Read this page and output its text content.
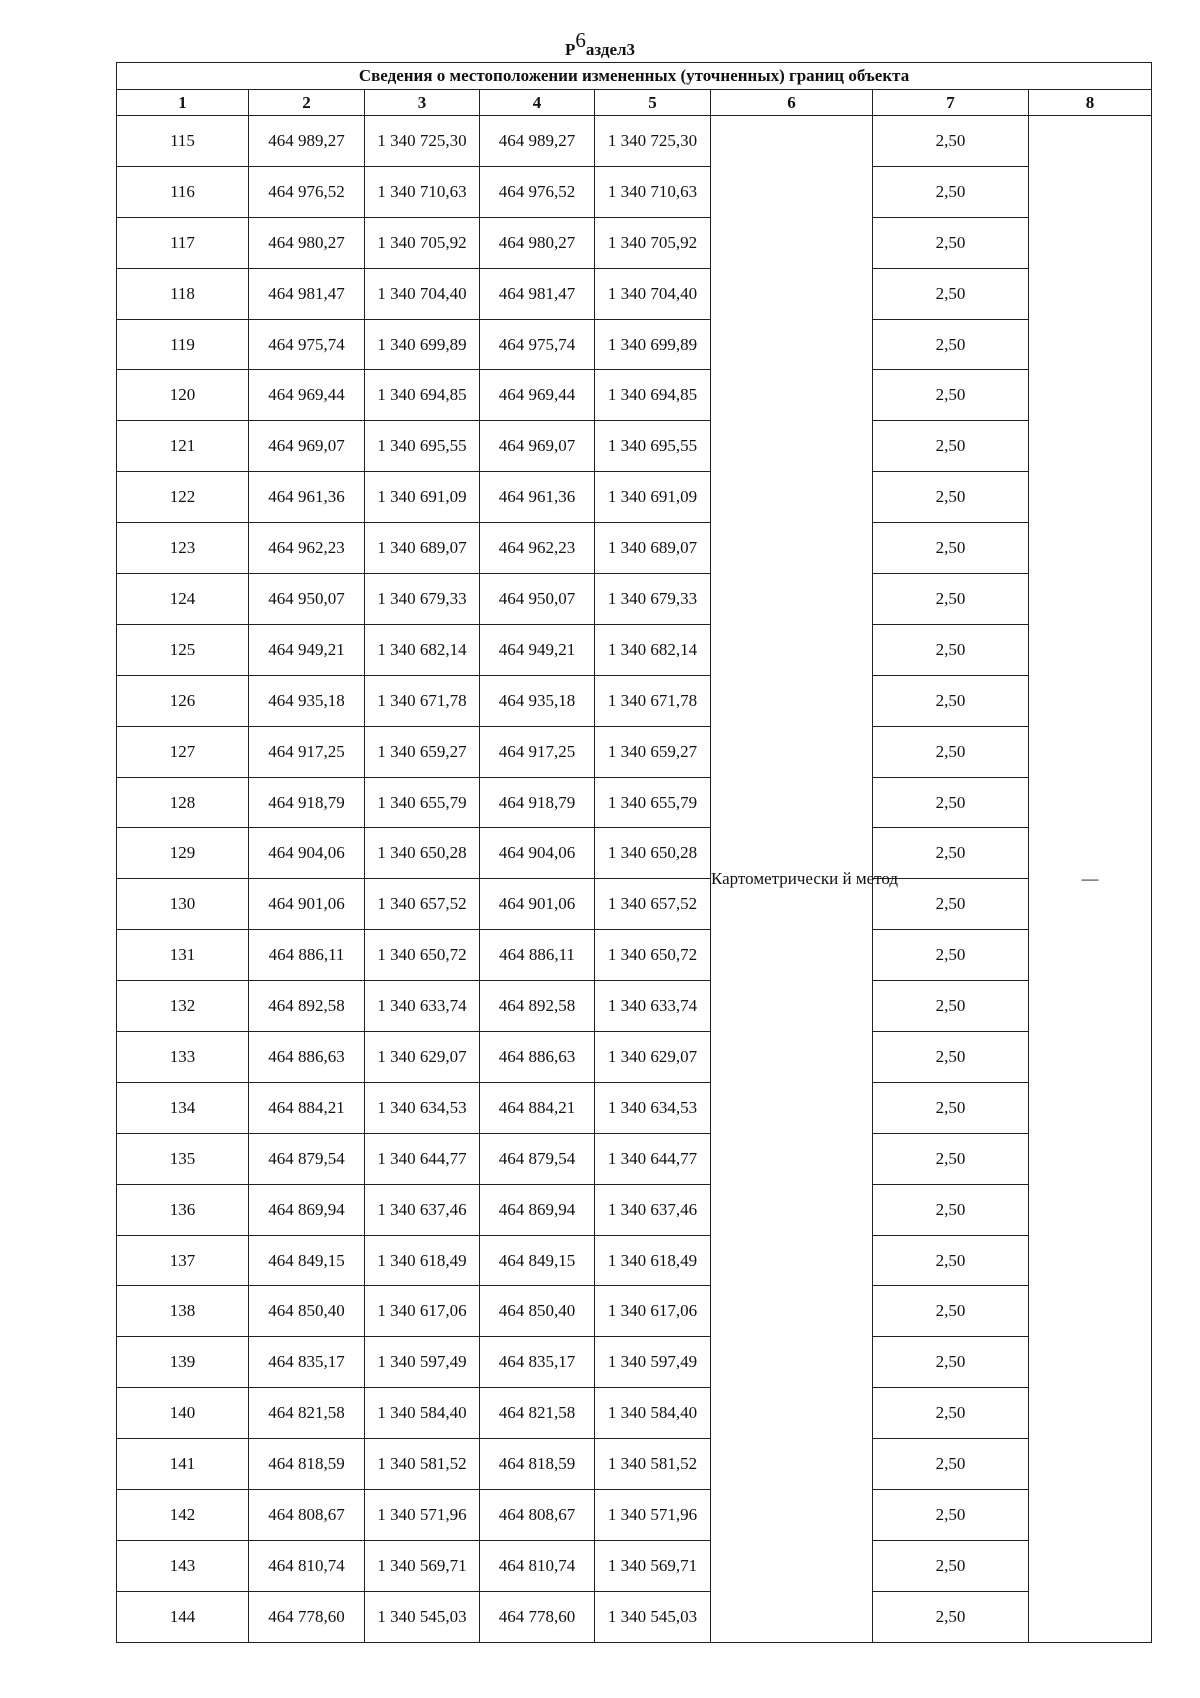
Р6аздел3
Сведения о местоположении измененных (уточненных) границ объекта							
1	2	3	4	5	6	7	8
115	464 989,27	1 340 725,30	464 989,27	1 340 725,30	Картометрически й метод	2,50	—
116	464 976,52	1 340 710,63	464 976,52	1 340 710,63		2,50	
117	464 980,27	1 340 705,92	464 980,27	1 340 705,92		2,50	
118	464 981,47	1 340 704,40	464 981,47	1 340 704,40		2,50	
119	464 975,74	1 340 699,89	464 975,74	1 340 699,89		2,50	
120	464 969,44	1 340 694,85	464 969,44	1 340 694,85		2,50	
121	464 969,07	1 340 695,55	464 969,07	1 340 695,55		2,50	
122	464 961,36	1 340 691,09	464 961,36	1 340 691,09		2,50	
123	464 962,23	1 340 689,07	464 962,23	1 340 689,07		2,50	
124	464 950,07	1 340 679,33	464 950,07	1 340 679,33		2,50	
125	464 949,21	1 340 682,14	464 949,21	1 340 682,14		2,50	
126	464 935,18	1 340 671,78	464 935,18	1 340 671,78		2,50	
127	464 917,25	1 340 659,27	464 917,25	1 340 659,27		2,50	
128	464 918,79	1 340 655,79	464 918,79	1 340 655,79		2,50	
129	464 904,06	1 340 650,28	464 904,06	1 340 650,28		2,50	
130	464 901,06	1 340 657,52	464 901,06	1 340 657,52		2,50	
131	464 886,11	1 340 650,72	464 886,11	1 340 650,72		2,50	
132	464 892,58	1 340 633,74	464 892,58	1 340 633,74		2,50	
133	464 886,63	1 340 629,07	464 886,63	1 340 629,07		2,50	
134	464 884,21	1 340 634,53	464 884,21	1 340 634,53		2,50	
135	464 879,54	1 340 644,77	464 879,54	1 340 644,77		2,50	
136	464 869,94	1 340 637,46	464 869,94	1 340 637,46		2,50	
137	464 849,15	1 340 618,49	464 849,15	1 340 618,49		2,50	
138	464 850,40	1 340 617,06	464 850,40	1 340 617,06		2,50	
139	464 835,17	1 340 597,49	464 835,17	1 340 597,49		2,50	
140	464 821,58	1 340 584,40	464 821,58	1 340 584,40		2,50	
141	464 818,59	1 340 581,52	464 818,59	1 340 581,52		2,50	
142	464 808,67	1 340 571,96	464 808,67	1 340 571,96		2,50	
143	464 810,74	1 340 569,71	464 810,74	1 340 569,71		2,50	
144	464 778,60	1 340 545,03	464 778,60	1 340 545,03		2,50	
